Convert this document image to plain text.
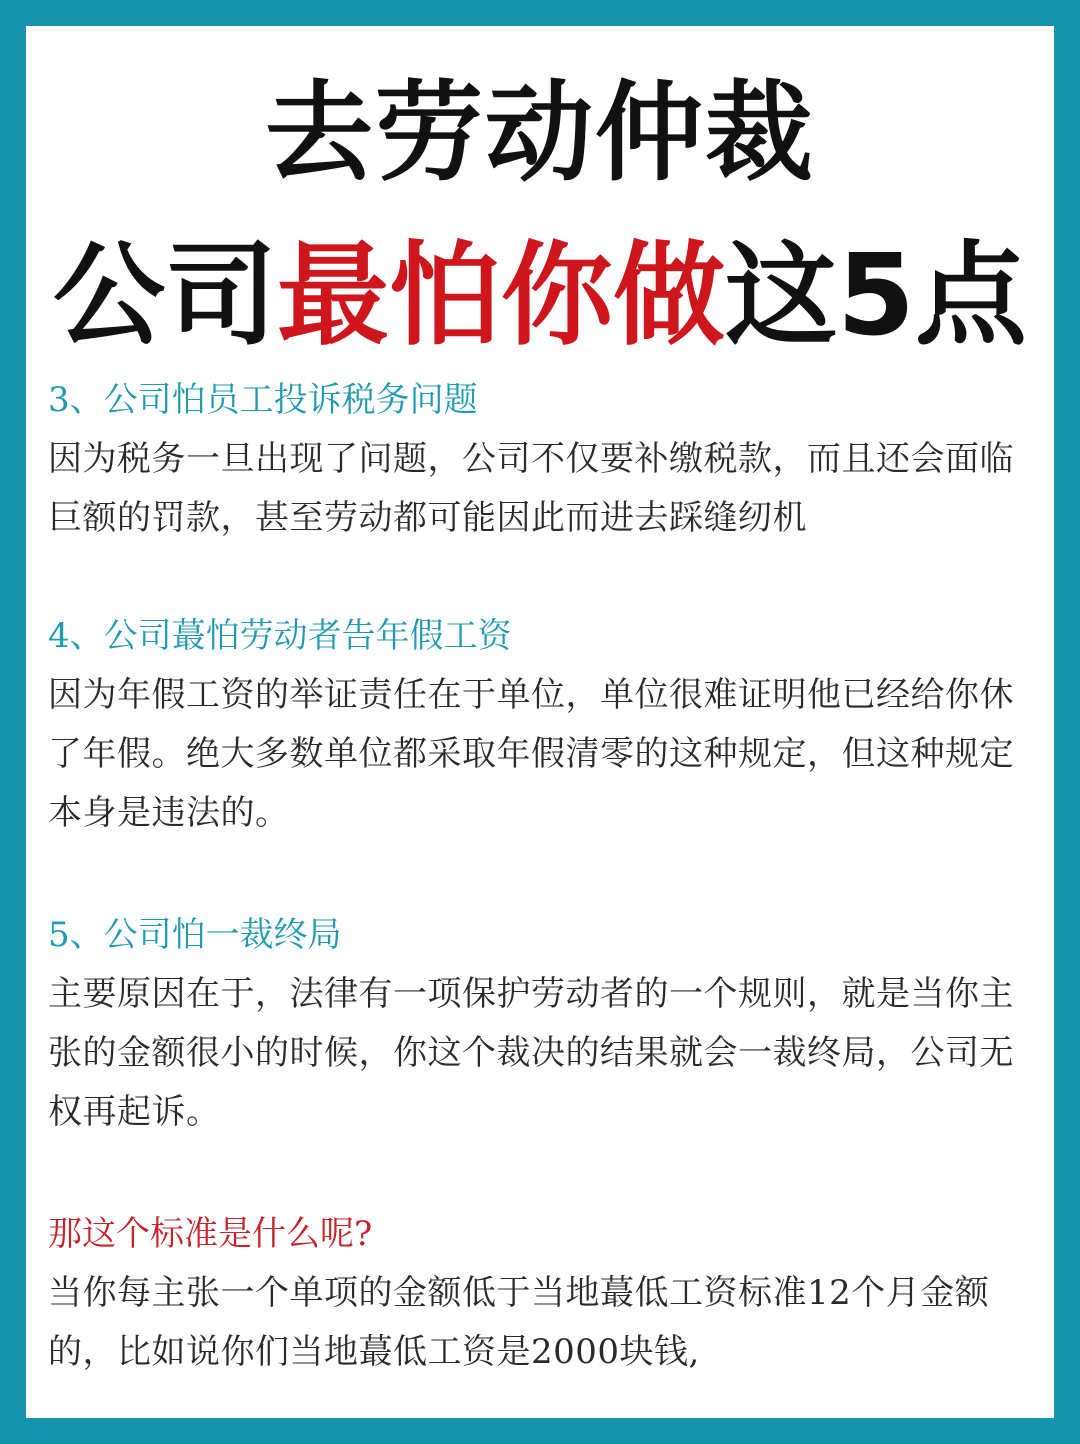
去劳动仲裁
公司最怕你做这5点
3、公司怕员工投诉税务问题
因为税务一旦出现了问题，公司不仅要补缴税款，而且还会面临巨额的罚款，甚至劳动都可能因此而进去踩缝纫机
4、公司蕞怕劳动者告年假工资
因为年假工资的举证责任在于单位，单位很难证明他已经给你休了年假。绝大多数单位都采取年假清零的这种规定，但这种规定本身是违法的。
5、公司怕一裁终局
主要原因在于，法律有一项保护劳动者的一个规则，就是当你主张的金额很小的时候，你这个裁决的结果就会一裁终局，公司无权再起诉。
那这个标准是什么呢?
当你每主张一个单项的金额低于当地蕞低工资标准12个月金额的，比如说你们当地蕞低工资是2000块钱,
